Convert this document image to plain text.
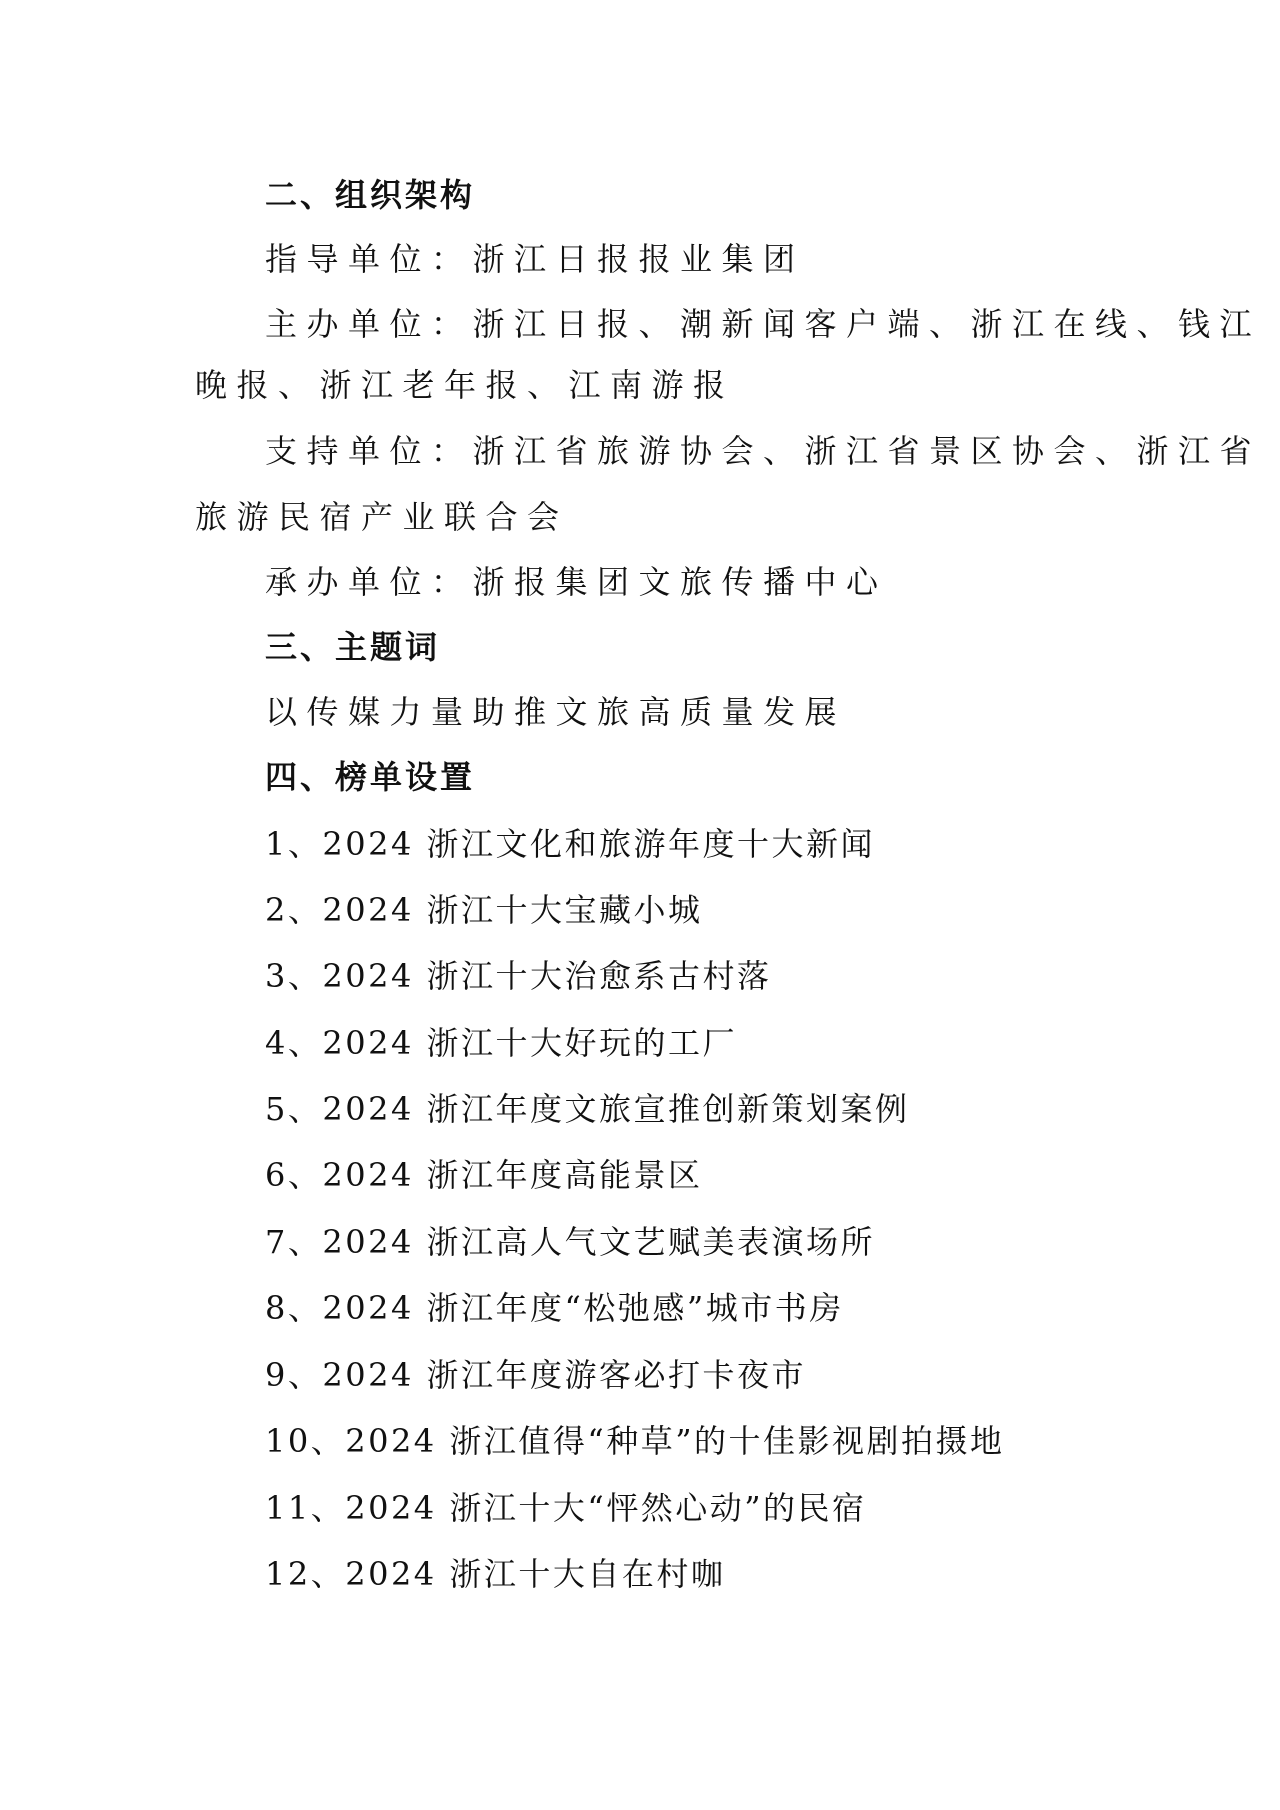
二、组织架构
指导单位：浙江日报报业集团
主办单位：浙江日报、潮新闻客户端、浙江在线、钱江
晚报、浙江老年报、江南游报
支持单位：浙江省旅游协会、浙江省景区协会、浙江省
旅游民宿产业联合会
承办单位：浙报集团文旅传播中心
三、主题词
以传媒力量助推文旅高质量发展
四、榜单设置
1、2024 浙江文化和旅游年度十大新闻
2、2024 浙江十大宝藏小城
3、2024 浙江十大治愈系古村落
4、2024 浙江十大好玩的工厂
5、2024 浙江年度文旅宣推创新策划案例
6、2024 浙江年度高能景区
7、2024 浙江高人气文艺赋美表演场所
8、2024 浙江年度“松弛感”城市书房
9、2024 浙江年度游客必打卡夜市
10、2024 浙江值得“种草”的十佳影视剧拍摄地
11、2024 浙江十大“怦然心动”的民宿
12、2024 浙江十大自在村咖
